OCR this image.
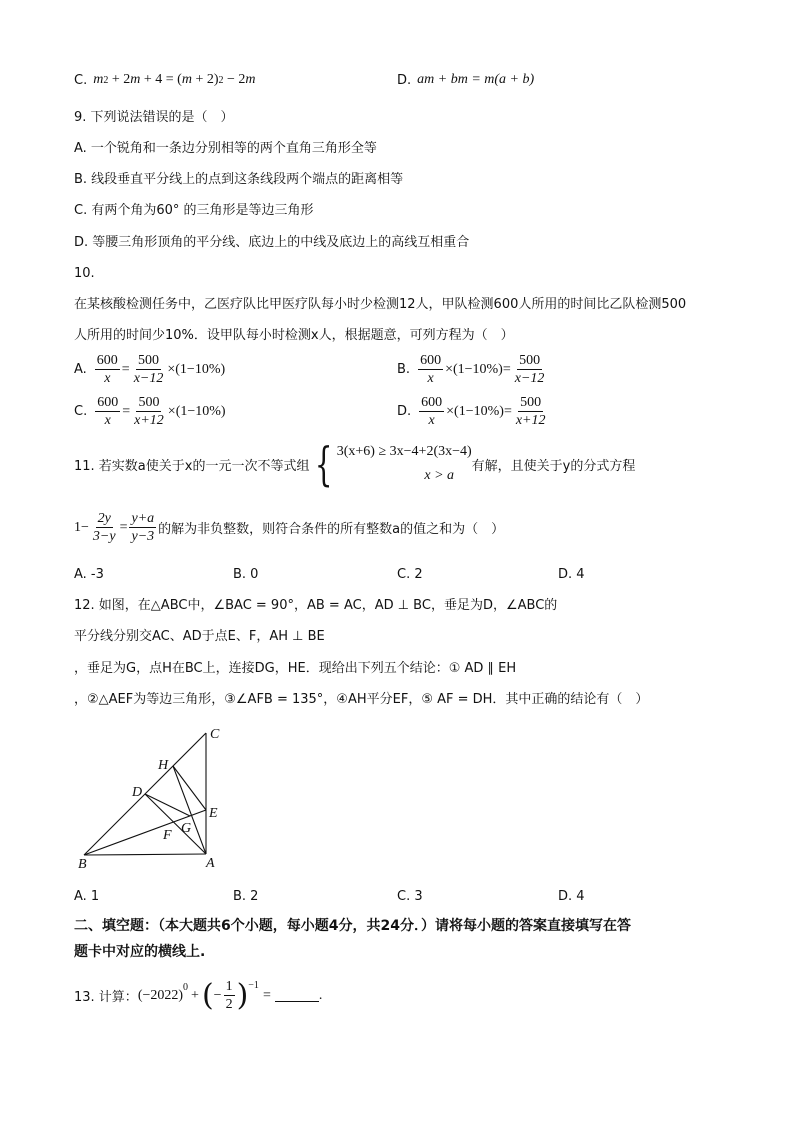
C. m 2 + 2 m + 4 = ( m + 2) 2 − 2 m	D. am + bm = m(a + b)
9. 下列说法错误的是（　）
A. 一个锐角和一条边分别相等的两个直角三角形全等
B. 线段垂直平分线上的点到这条线段两个端点的距离相等
C. 有两个角为60° 的三角形是等边三角形
D. 等腰三角形顶角的平分线、底边上的中线及底边上的高线互相重合
10.
在某核酸检测任务中，乙医疗队比甲医疗队每小时少检测12人，甲队检测600人所用的时间比乙队检测500
人所用的时间少10%．设甲队每小时检测x人，根据题意，可列方程为（　）
A. $\frac{600}{x} = \frac{500}{x-12} \times(1-10\%)$	B. $\frac{600}{x} \times(1-10\%) = \frac{500}{x-12}$
C. $\frac{600}{x} = \frac{500}{x+12} \times(1-10\%)$	D. $\frac{600}{x} \times(1-10\%) = \frac{500}{x+12}$
11. 若实数a使关于x的一元一次不等式组 { 3(x+6) ≥ 3x−4+2(3x−4)
x > a
有解，且使关于y的分式方程
$1- \frac{2y}{3-y} = \frac{y+a}{y-3}$ 的解为非负整数，则符合条件的所有整数a的值之和为（　）
A. -3	B. 0	C. 2	D. 4
12. 如图，在△ABC中，∠BAC = 90°，AB = AC，AD ⊥ BC，垂足为D，∠ABC的
平分线分别交AC、AD于点E、F，AH ⊥ BE
，垂足为G，点H在BC上，连接DG，HE．现给出下列五个结论：① AD ∥ EH
，②△AEF为等边三角形，③∠AFB = 135°，④AH平分EF，⑤ AF = DH．其中正确的结论有（　）
C
H
D
E
G
F
B	A
A. 1	B. 2	C. 3	D. 4
二、填空题：（本大题共6个小题，每小题4分，共24分．）请将每小题的答案直接填写在答
题卡中对应的横线上.
13. 计算： $(-2022)^0$ + ( − $\frac{1}{2} )^{-1}$
=	.
